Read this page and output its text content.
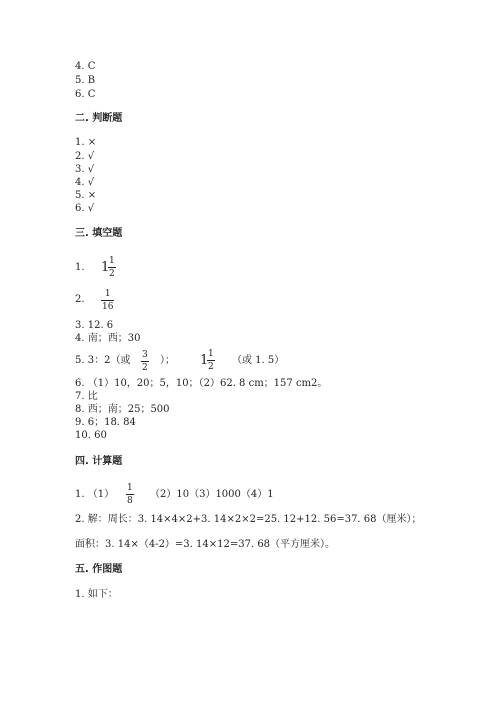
4. C
5. B
6. C
二. 判断题
1. ×
2. √
3. √
4. √
5. ×
6. √
三. 填空题
1. 1 1
2
2. 1
16
3. 12. 6
4. 南；西；30
5. 3：2（或 3
2
）； 1 1
2
（或 1. 5）
6. （1）10，20；5，10；（2）62. 8 cm；157 cm2。
7. 比
8. 西；南；25；500
9. 6；18. 84
10. 60
四. 计算题
1. （1）
1
8
（2）10（3）1000（4）1
2. 解：周长：3. 14×4×2+3. 14×2×2=25. 12+12. 56=37. 68（厘米）；
面积：3. 14×（4-2）=3. 14×12=37. 68（平方厘米）。
五. 作图题
1. 如下：
